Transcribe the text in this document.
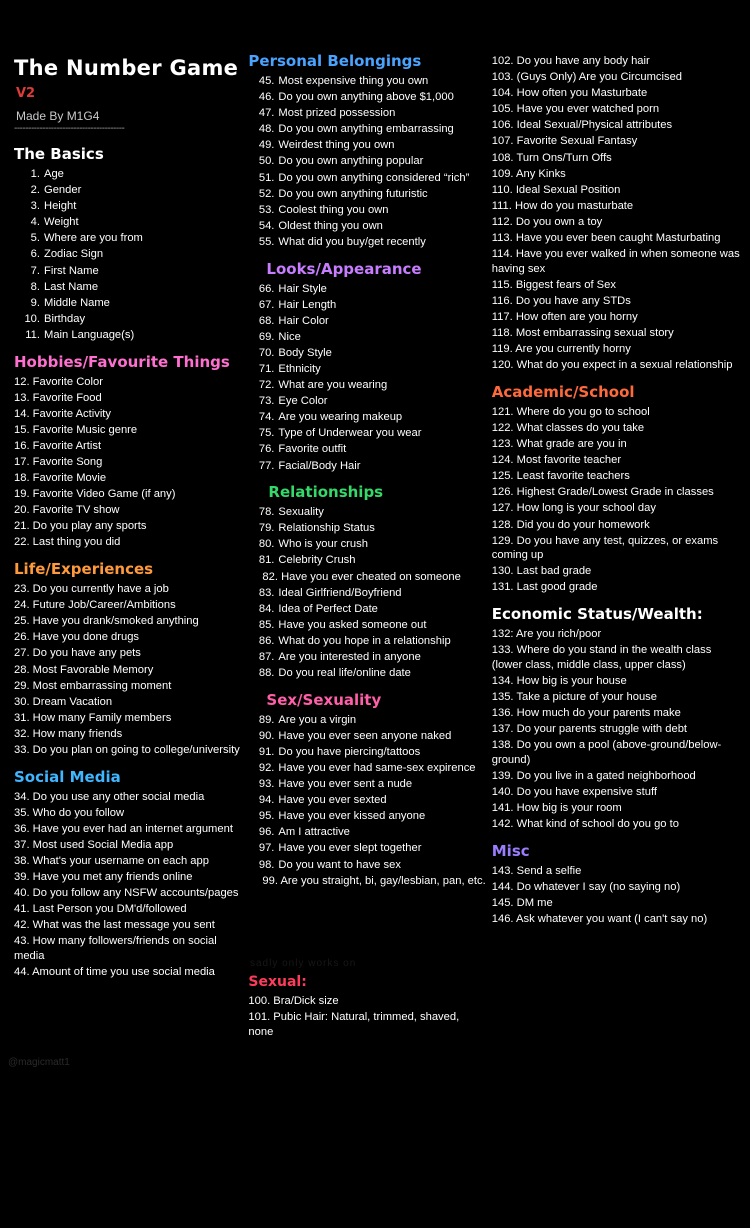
The Number Game
V2
Made By M1G4
---------------------------------------
The Basics
1. Age
2. Gender
3. Height
4. Weight
5. Where are you from
6. Zodiac Sign
7. First Name
8. Last Name
9. Middle Name
10. Birthday
11. Main Language(s)
Hobbies/Favourite Things
12. Favorite Color
13. Favorite Food
14. Favorite Activity
15. Favorite Music genre
16. Favorite Artist
17. Favorite Song
18. Favorite Movie
19. Favorite Video Game (if any)
20. Favorite TV show
21. Do you play any sports
22. Last thing you did
Life/Experiences
23. Do you currently have a job
24. Future Job/Career/Ambitions
25. Have you drank/smoked anything
26. Have you done drugs
27. Do you have any pets
28. Most Favorable Memory
29. Most embarrassing moment
30. Dream Vacation
31. How many Family members
32. How many friends
33. Do you plan on going to college/university
Social Media
34. Do you use any other social media
35. Who do you follow
36. Have you ever had an internet argument
37. Most used Social Media app
38. What's your username on each app
39. Have you met any friends online
40. Do you follow any NSFW accounts/pages
41. Last Person you DM'd/followed
42. What was the last message you sent
43. How many followers/friends on social media
44. Amount of time you use social media
Personal Belongings
45. Most expensive thing you own
46. Do you own anything above $1,000
47. Most prized possession
48. Do you own anything embarrassing
49. Weirdest thing you own
50. Do you own anything popular
51. Do you own anything considered “rich”
52. Do you own anything futuristic
53. Coolest thing you own
54. Oldest thing you own
55. What did you buy/get recently
Looks/Appearance
66. Hair Style
67. Hair Length
68. Hair Color
69. Nice
70. Body Style
71. Ethnicity
72. What are you wearing
73. Eye Color
74. Are you wearing makeup
75. Type of Underwear you wear
76. Favorite outfit
77. Facial/Body Hair
Relationships
78. Sexuality
79. Relationship Status
80. Who is your crush
81. Celebrity Crush
82. Have you ever cheated on someone
83. Ideal Girlfriend/Boyfriend
84. Idea of Perfect Date
85. Have you asked someone out
86. What do you hope in a relationship
87. Are you interested in anyone
88. Do you real life/online date
Sex/Sexuality
89. Are you a virgin
90. Have you ever seen anyone naked
91. Do you have piercing/tattoos
92. Have you ever had same-sex expirence
93. Have you ever sent a nude
94. Have you ever sexted
95. Have you ever kissed anyone
96. Am I attractive
97. Have you ever slept together
98. Do you want to have sex
99. Are you straight, bi, gay/lesbian, pan, etc.
Sexual:
100. Bra/Dick size
101. Pubic Hair: Natural, trimmed, shaved, none
102. Do you have any body hair
103. (Guys Only) Are you Circumcised
104. How often you Masturbate
105. Have you ever watched porn
106. Ideal Sexual/Physical attributes
107. Favorite Sexual Fantasy
108. Turn Ons/Turn Offs
109. Any Kinks
110. Ideal Sexual Position
111. How do you masturbate
112. Do you own a toy
113. Have you ever been caught Masturbating
114. Have you ever walked in when someone was having sex
115. Biggest fears of Sex
116. Do you have any STDs
117. How often are you horny
118. Most embarrassing sexual story
119. Are you currently horny
120. What do you expect in a sexual relationship
Academic/School
121. Where do you go to school
122. What classes do you take
123. What grade are you in
124. Most favorite teacher
125. Least favorite teachers
126. Highest Grade/Lowest Grade in classes
127. How long is your school day
128. Did you do your homework
129. Do you have any test, quizzes, or exams coming up
130. Last bad grade
131. Last good grade
Economic Status/Wealth:
132: Are you rich/poor
133. Where do you stand in the wealth class (lower class, middle class, upper class)
134. How big is your house
135. Take a picture of your house
136. How much do your parents make
137. Do your parents struggle with debt
138. Do you own a pool (above-ground/below-ground)
139. Do you live in a gated neighborhood
140. Do you have expensive stuff
141. How big is your room
142. What kind of school do you go to
Misc
143. Send a selfie
144. Do whatever I say (no saying no)
145. DM me
146. Ask whatever you want (I can't say no)
sadly only works on
@magicmatt1
